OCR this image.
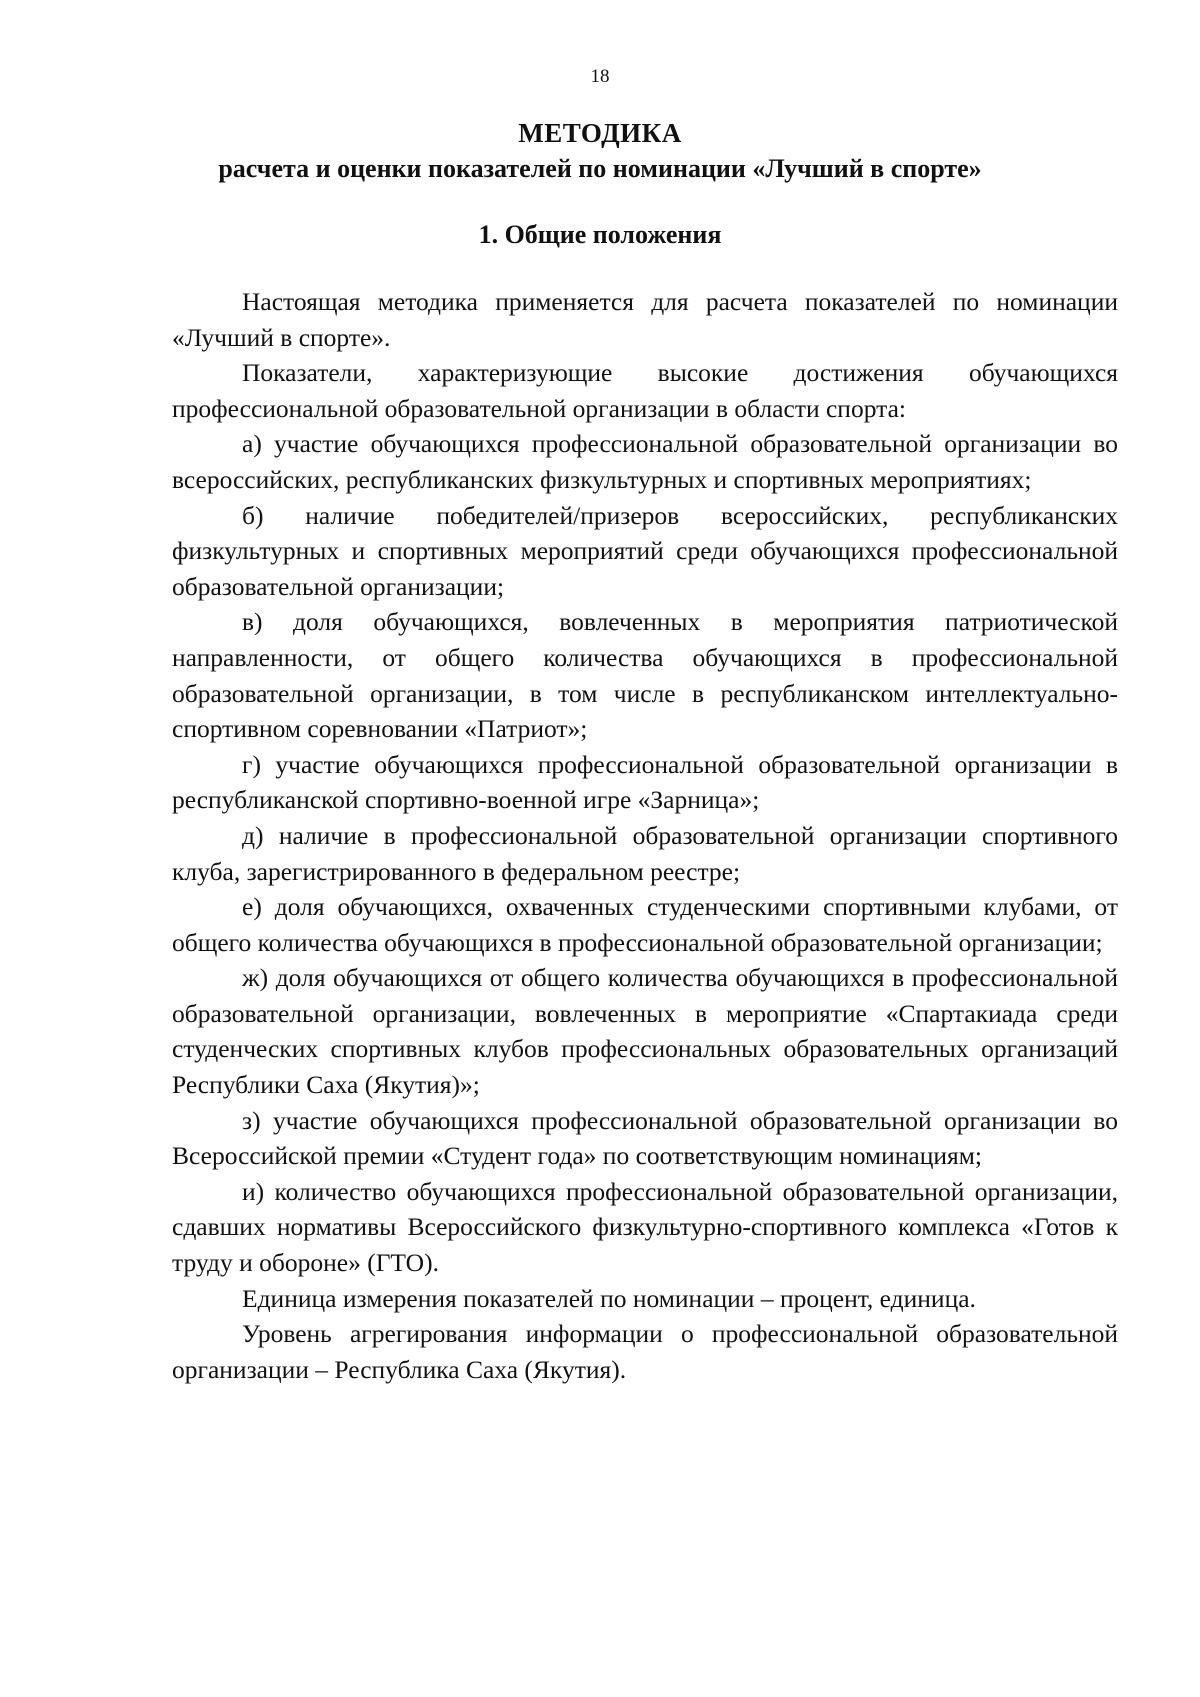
18
МЕТОДИКА
расчета и оценки показателей по номинации «Лучший в спорте»
1. Общие положения

Настоящая методика применяется для расчета показателей по номинации «Лучший в спорте».

Показатели, характеризующие высокие достижения обучающихся профессиональной образовательной организации в области спорта:

а) участие обучающихся профессиональной образовательной организации во всероссийских, республиканских физкультурных и спортивных мероприятиях;

б) наличие победителей/призеров всероссийских, республиканских физкультурных и спортивных мероприятий среди обучающихся профессиональной образовательной организации;

в) доля обучающихся, вовлеченных в мероприятия патриотической направленности, от общего количества обучающихся в профессиональной образовательной организации, в том числе в республиканском интеллектуально-спортивном соревновании «Патриот»;

г) участие обучающихся профессиональной образовательной организации в республиканской спортивно-военной игре «Зарница»;

д) наличие в профессиональной образовательной организации спортивного клуба, зарегистрированного в федеральном реестре;

е) доля обучающихся, охваченных студенческими спортивными клубами, от общего количества обучающихся в профессиональной образовательной организации;

ж) доля обучающихся от общего количества обучающихся в профессиональной образовательной организации, вовлеченных в мероприятие «Спартакиада среди студенческих спортивных клубов профессиональных образовательных организаций Республики Саха (Якутия)»;

з) участие обучающихся профессиональной образовательной организации во Всероссийской премии «Студент года» по соответствующим номинациям;

и) количество обучающихся профессиональной образовательной организации, сдавших нормативы Всероссийского физкультурно-спортивного комплекса «Готов к труду и обороне» (ГТО).

Единица измерения показателей по номинации – процент, единица.

Уровень агрегирования информации о профессиональной образовательной организации – Республика Саха (Якутия).
